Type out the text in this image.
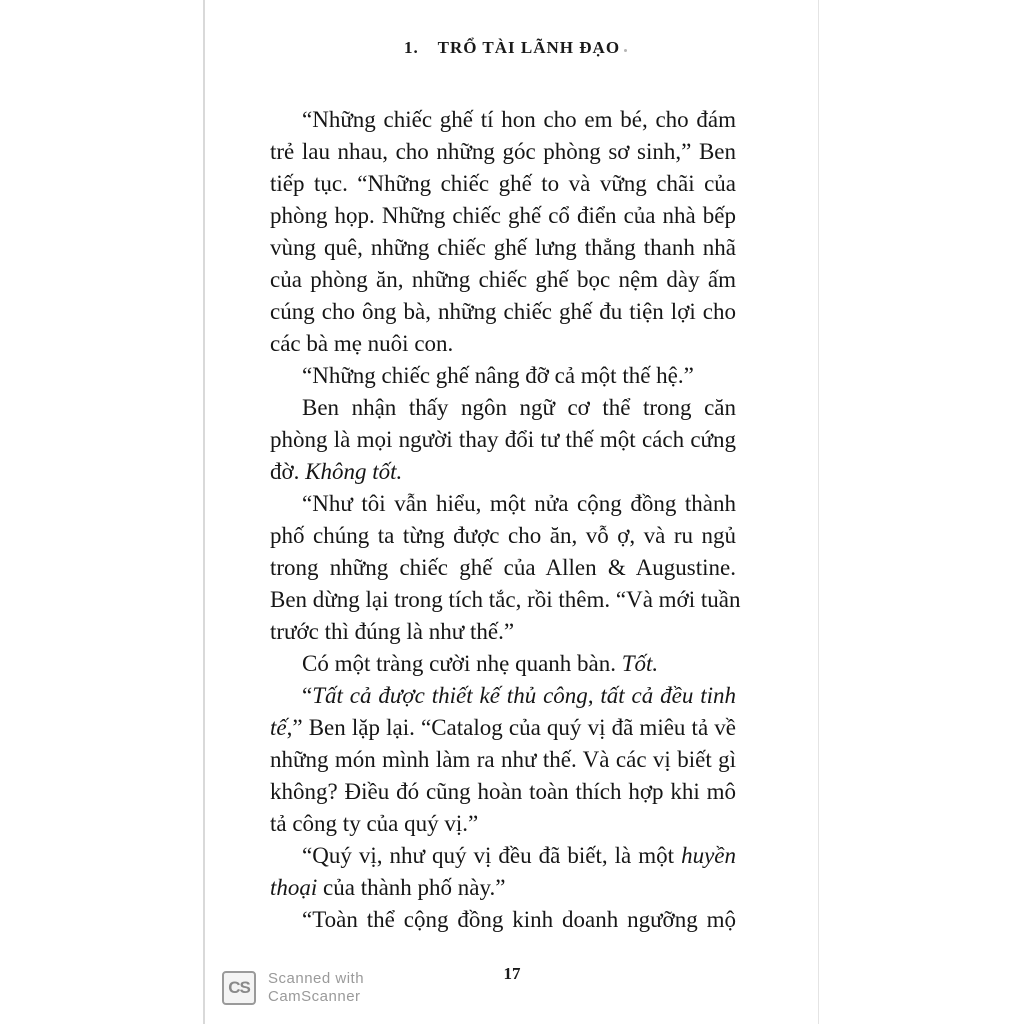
1. TRỔ TÀI LÃNH ĐẠO
“Những chiếc ghế tí hon cho em bé, cho đám
trẻ lau nhau, cho những góc phòng sơ sinh,” Ben
tiếp tục. “Những chiếc ghế to và vững chãi của
phòng họp. Những chiếc ghế cổ điển của nhà bếp
vùng quê, những chiếc ghế lưng thẳng thanh nhã
của phòng ăn, những chiếc ghế bọc nệm dày ấm
cúng cho ông bà, những chiếc ghế đu tiện lợi cho
các bà mẹ nuôi con.
“Những chiếc ghế nâng đỡ cả một thế hệ.”
Ben nhận thấy ngôn ngữ cơ thể trong căn
phòng là mọi người thay đổi tư thế một cách cứng
đờ. Không tốt.
“Như tôi vẫn hiểu, một nửa cộng đồng thành
phố chúng ta từng được cho ăn, vỗ ợ, và ru ngủ
trong những chiếc ghế của Allen & Augustine.
Ben dừng lại trong tích tắc, rồi thêm. “Và mới tuần
trước thì đúng là như thế.”
Có một tràng cười nhẹ quanh bàn. Tốt.
“Tất cả được thiết kế thủ công, tất cả đều tinh
tế,” Ben lặp lại. “Catalog của quý vị đã miêu tả về
những món mình làm ra như thế. Và các vị biết gì
không? Điều đó cũng hoàn toàn thích hợp khi mô
tả công ty của quý vị.”
“Quý vị, như quý vị đều đã biết, là một huyền
thoại của thành phố này.”
“Toàn thể cộng đồng kinh doanh ngưỡng mộ
17
CS	Scanned with
CamScanner
